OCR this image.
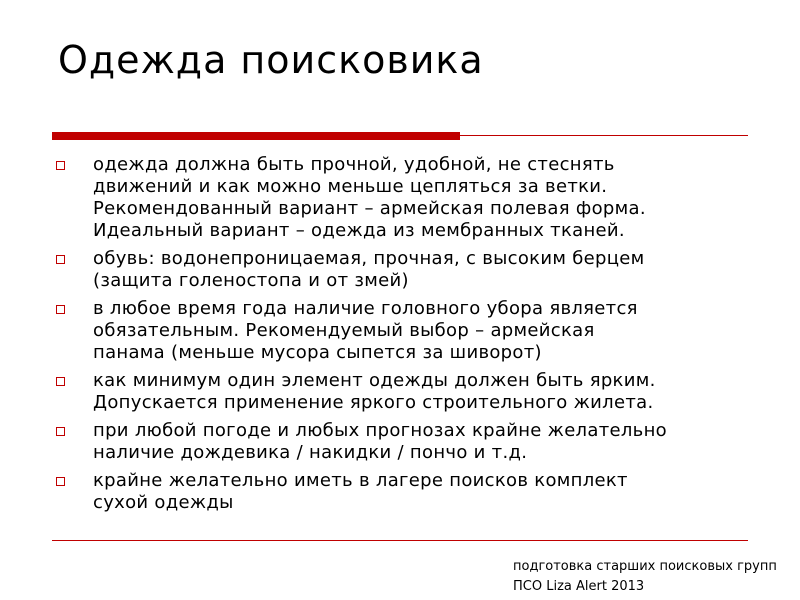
Одежда поисковика
одежда должна быть прочной, удобной, не стеснять
движений и как можно меньше цепляться за ветки.
Рекомендованный вариант – армейская полевая форма.
Идеальный вариант – одежда из мембранных тканей.
обувь: водонепроницаемая, прочная, с высоким берцем
(защита голеностопа и от змей)
в любое время года наличие головного убора является
обязательным. Рекомендуемый выбор – армейская
панама (меньше мусора сыпется за шиворот)
как минимум один элемент одежды должен быть ярким.
Допускается применение яркого строительного жилета.
при любой погоде и любых прогнозах крайне желательно
наличие дождевика / накидки / пончо и т.д.
крайне желательно иметь в лагере поисков комплект
сухой одежды
подготовка старших поисковых групп
ПСО Liza Alert 2013
